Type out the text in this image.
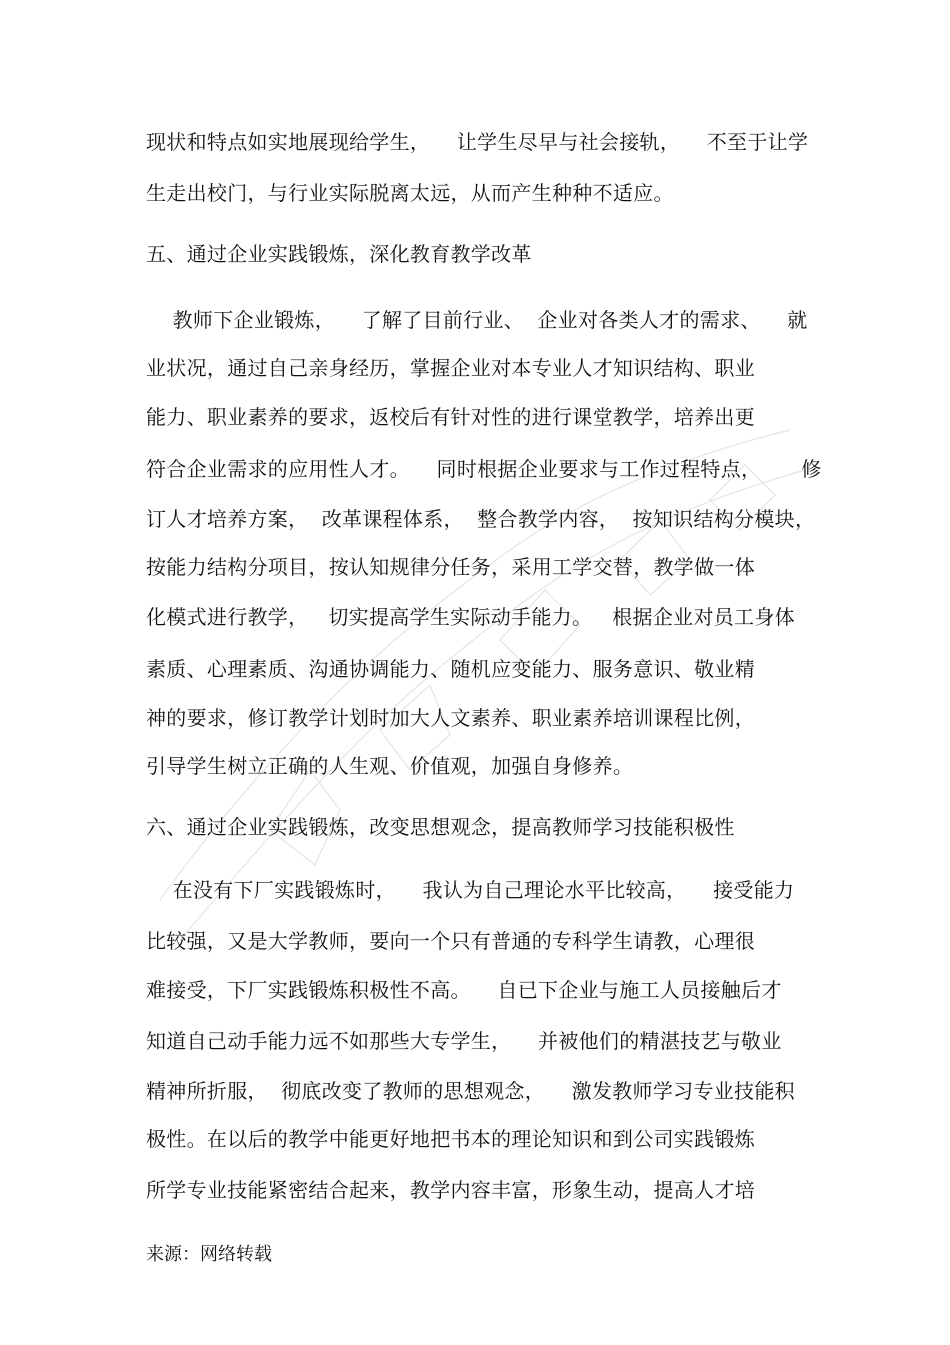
现状和特点如实地展现给学生，    让学生尽早与社会接轨，    不至于让学
生走出校门，与行业实际脱离太远，从而产生种种不适应。
五、通过企业实践锻炼，深化教育教学改革
教师下企业锻炼，    了解了目前行业、  企业对各类人才的需求、    就
业状况，通过自己亲身经历，掌握企业对本专业人才知识结构、职业
能力、职业素养的要求，返校后有针对性的进行课堂教学，培养出更
符合企业需求的应用性人才。    同时根据企业要求与工作过程特点，      修
订人才培养方案，  改革课程体系，  整合教学内容，  按知识结构分模块，
按能力结构分项目，按认知规律分任务，采用工学交替，教学做一体
化模式进行教学，   切实提高学生实际动手能力。   根据企业对员工身体
素质、心理素质、沟通协调能力、随机应变能力、服务意识、敬业精
神的要求，修订教学计划时加大人文素养、职业素养培训课程比例，
引导学生树立正确的人生观、价值观，加强自身修养。
六、通过企业实践锻炼，改变思想观念，提高教师学习技能积极性
在没有下厂实践锻炼时，    我认为自己理论水平比较高，    接受能力
比较强，又是大学教师，要向一个只有普通的专科学生请教，心理很
难接受，下厂实践锻炼积极性不高。    自已下企业与施工人员接触后才
知道自己动手能力远不如那些大专学生，    并被他们的精湛技艺与敬业
精神所折服，  彻底改变了教师的思想观念，    激发教师学习专业技能积
极性。在以后的教学中能更好地把书本的理论知识和到公司实践锻炼
所学专业技能紧密结合起来，教学内容丰富，形象生动，提高人才培
来源：网络转载
